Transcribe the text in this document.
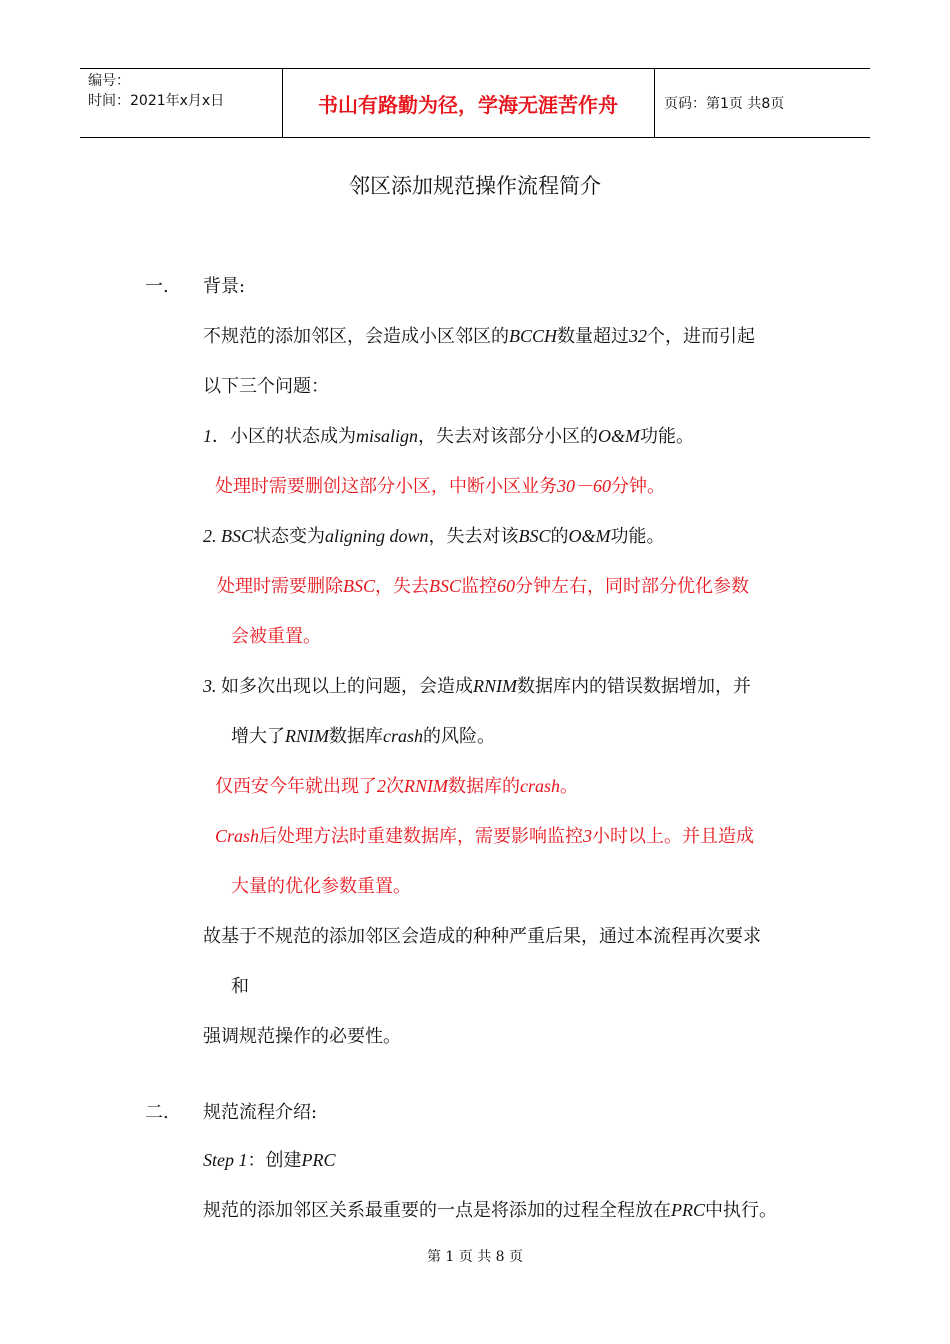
编号：
时间：2021年x月x日	书山有路勤为径，学海无涯苦作舟	页码：第1页 共8页
邻区添加规范操作流程简介
一. 背景:
不规范的添加邻区，会造成小区邻区的BCCH数量超过32个，进而引起
以下三个问题：
1．小区的状态成为misalign，失去对该部分小区的O&M功能。
处理时需要删创这部分小区，中断小区业务30－60分钟。
2. BSC状态变为aligning down，失去对该BSC的O&M功能。
处理时需要删除BSC，失去BSC监控60分钟左右，同时部分优化参数
会被重置。
3. 如多次出现以上的问题，会造成RNIM数据库内的错误数据增加，并
增大了RNIM数据库crash的风险。
仅西安今年就出现了2次RNIM数据库的crash。
Crash后处理方法时重建数据库，需要影响监控3小时以上。并且造成
大量的优化参数重置。
故基于不规范的添加邻区会造成的种种严重后果，通过本流程再次要求
和
强调规范操作的必要性。
二. 规范流程介绍:
Step 1：创建PRC
规范的添加邻区关系最重要的一点是将添加的过程全程放在PRC中执行。
第 1 页 共 8 页
